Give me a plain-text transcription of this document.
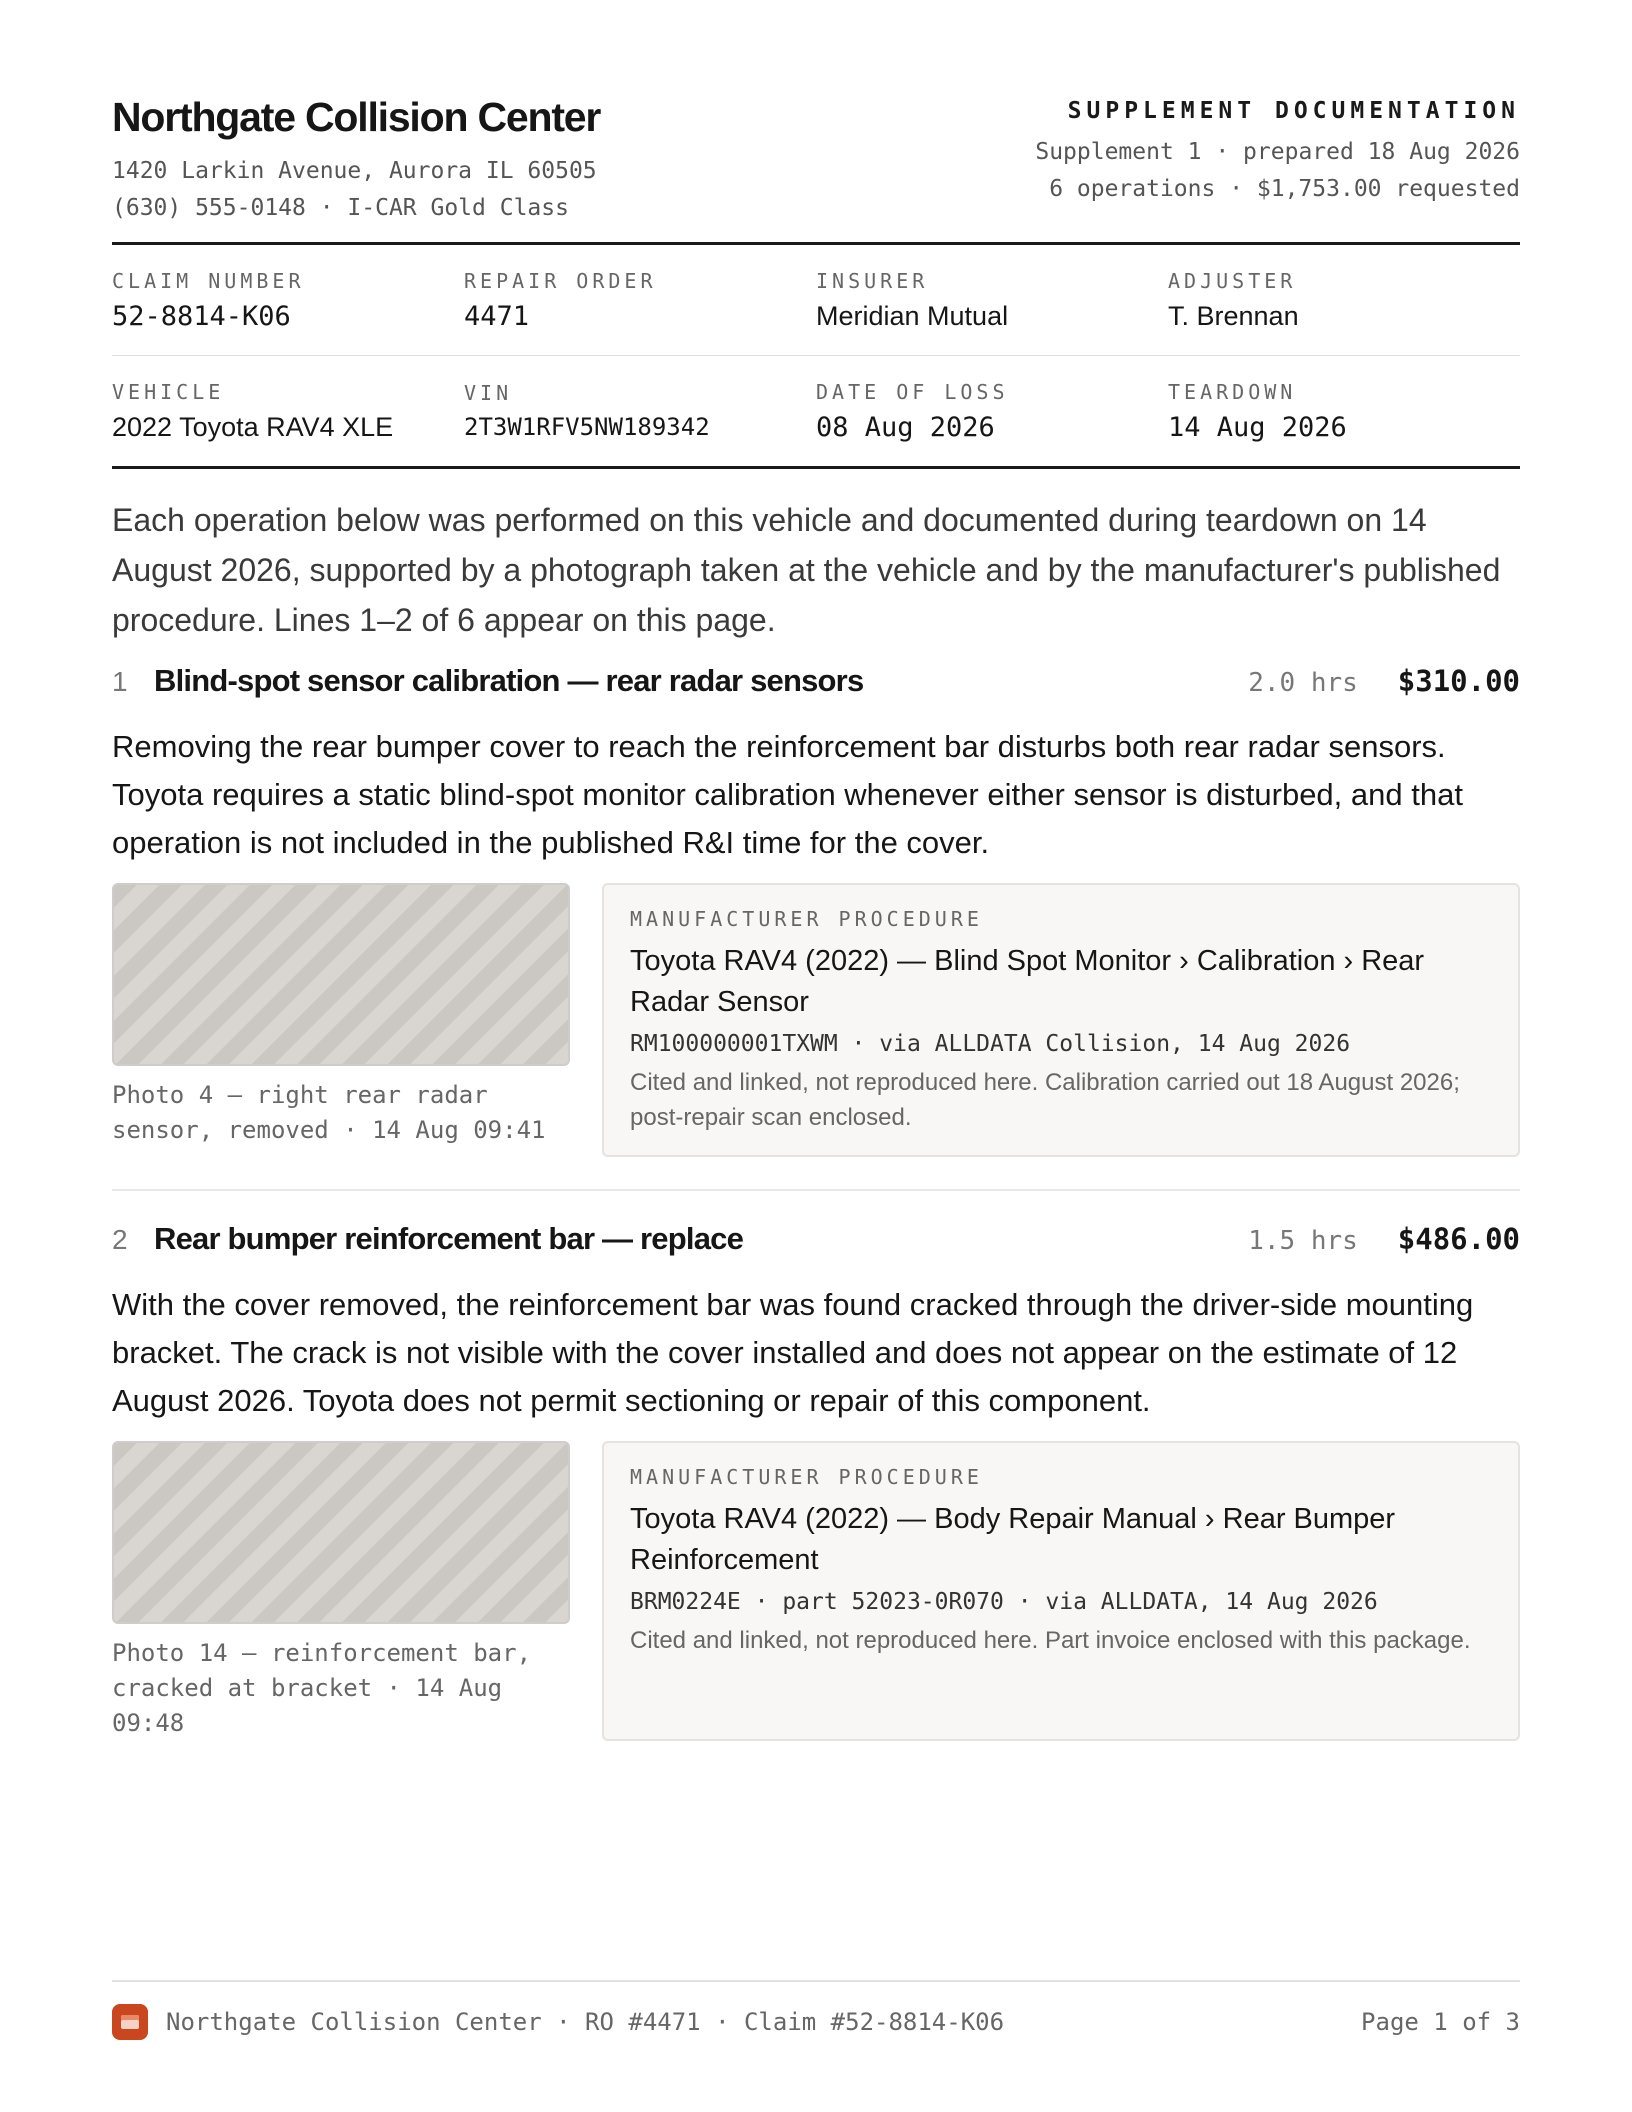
Northgate Collision Center
1420 Larkin Avenue, Aurora IL 60505
(630) 555-0148 · I-CAR Gold Class
SUPPLEMENT DOCUMENTATION
Supplement 1 · prepared 18 Aug 2026
6 operations · $1,753.00 requested
CLAIM NUMBER
52-8814-K06
REPAIR ORDER
4471
INSURER
Meridian Mutual
ADJUSTER
T. Brennan
VEHICLE
2022 Toyota RAV4 XLE
VIN
2T3W1RFV5NW189342
DATE OF LOSS
08 Aug 2026
TEARDOWN
14 Aug 2026
Each operation below was performed on this vehicle and documented during teardown on 14 August 2026, supported by a photograph taken at the vehicle and by the manufacturer's published procedure. Lines 1–2 of 6 appear on this page.
1 Blind-spot sensor calibration — rear radar sensors	2.0 hrs $310.00
Removing the rear bumper cover to reach the reinforcement bar disturbs both rear radar sensors. Toyota requires a static blind-spot monitor calibration whenever either sensor is disturbed, and that operation is not included in the published R&I time for the cover.
Photo 4 — right rear radar sensor, removed · 14 Aug 09:41
MANUFACTURER PROCEDURE
Toyota RAV4 (2022) — Blind Spot Monitor › Calibration › Rear Radar Sensor
RM100000001TXWM · via ALLDATA Collision, 14 Aug 2026
Cited and linked, not reproduced here. Calibration carried out 18 August 2026; post-repair scan enclosed.
2 Rear bumper reinforcement bar — replace	1.5 hrs $486.00
With the cover removed, the reinforcement bar was found cracked through the driver-side mounting bracket. The crack is not visible with the cover installed and does not appear on the estimate of 12 August 2026. Toyota does not permit sectioning or repair of this component.
Photo 14 — reinforcement bar, cracked at bracket · 14 Aug 09:48
MANUFACTURER PROCEDURE
Toyota RAV4 (2022) — Body Repair Manual › Rear Bumper Reinforcement
BRM0224E · part 52023-0R070 · via ALLDATA, 14 Aug 2026
Cited and linked, not reproduced here. Part invoice enclosed with this package.
Northgate Collision Center · RO #4471 · Claim #52-8814-K06	Page 1 of 3
